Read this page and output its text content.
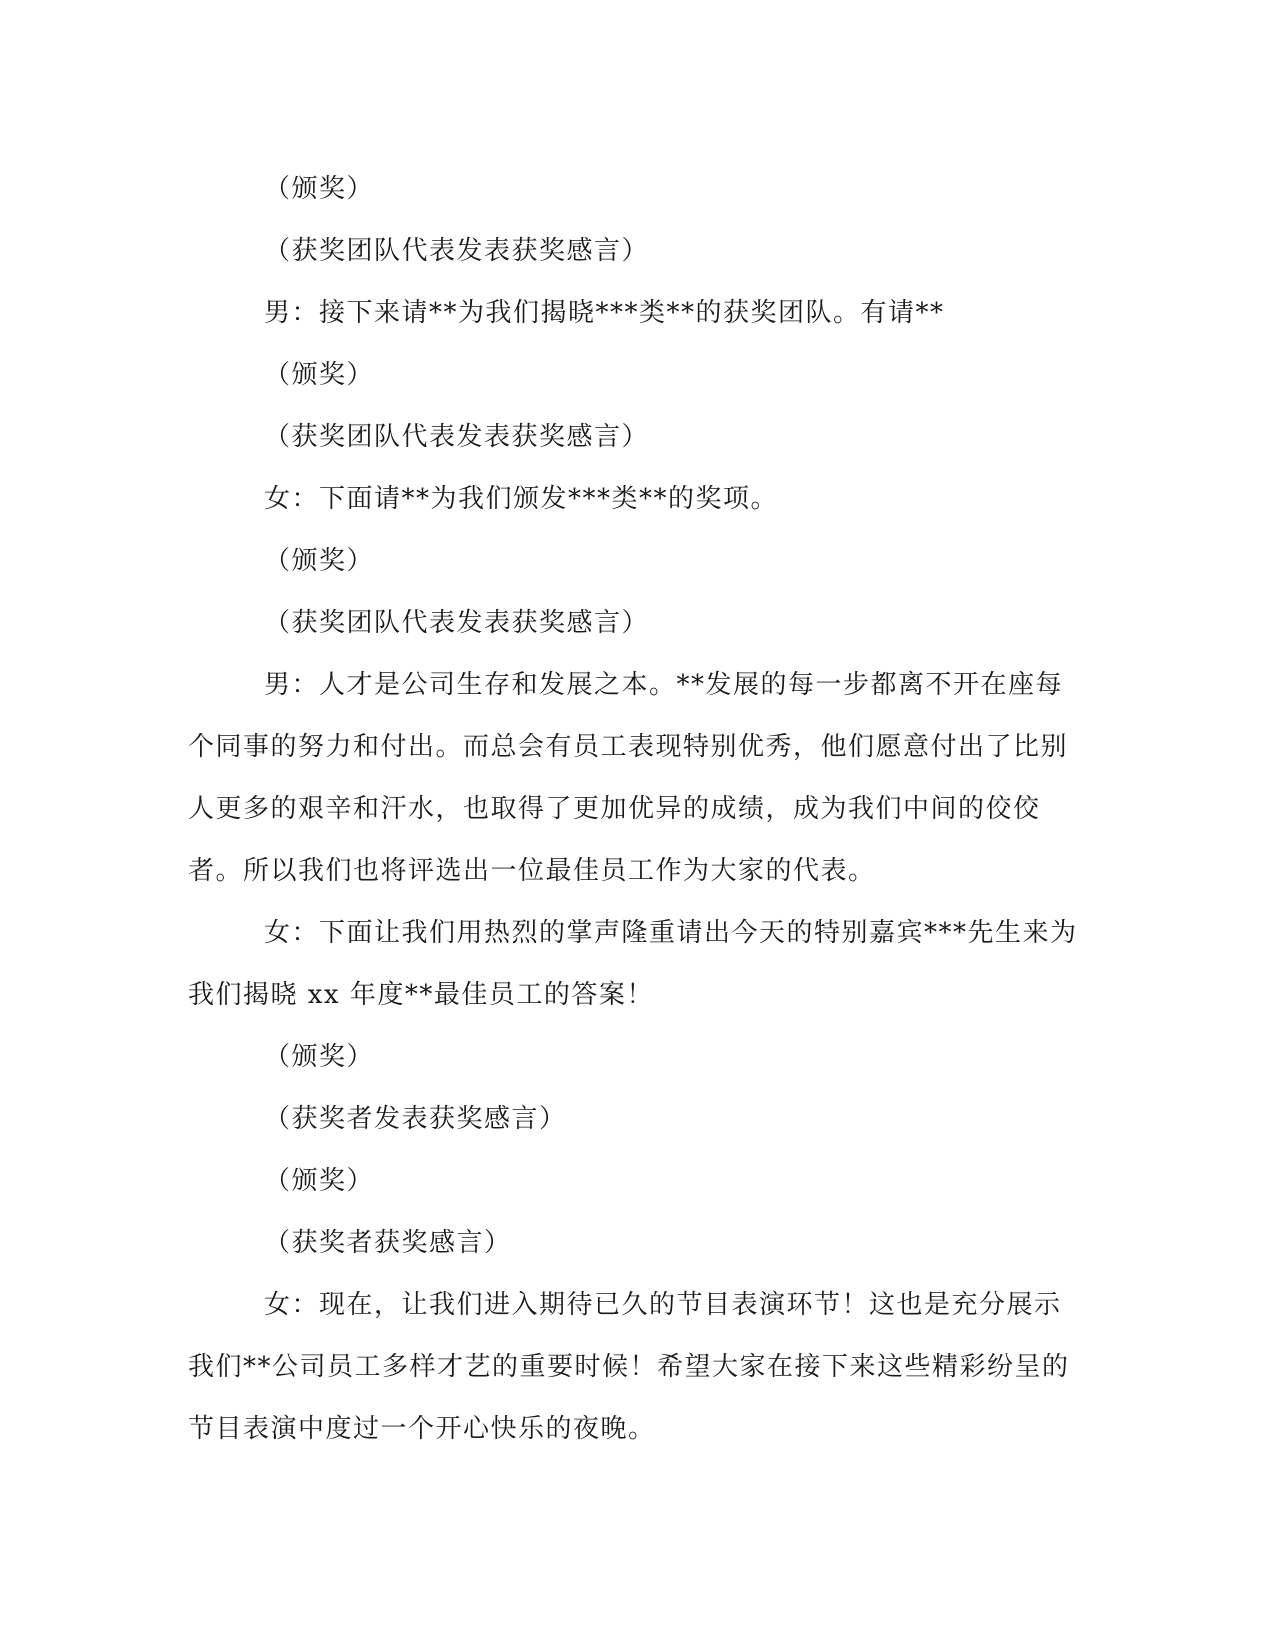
（颁奖）

（获奖团队代表发表获奖感言）

男：接下来请**为我们揭晓***类**的获奖团队。有请**

（颁奖）

（获奖团队代表发表获奖感言）

女：下面请**为我们颁发***类**的奖项。

（颁奖）

（获奖团队代表发表获奖感言）

男：人才是公司生存和发展之本。**发展的每一步都离不开在座每个同事的努力和付出。而总会有员工表现特别优秀，他们愿意付出了比别人更多的艰辛和汗水，也取得了更加优异的成绩，成为我们中间的佼佼者。所以我们也将评选出一位最佳员工作为大家的代表。

女：下面让我们用热烈的掌声隆重请出今天的特别嘉宾***先生来为我们揭晓 xx 年度**最佳员工的答案！

（颁奖）

（获奖者发表获奖感言）

（颁奖）

（获奖者获奖感言）

女：现在，让我们进入期待已久的节目表演环节！这也是充分展示我们**公司员工多样才艺的重要时候！希望大家在接下来这些精彩纷呈的节目表演中度过一个开心快乐的夜晚。
